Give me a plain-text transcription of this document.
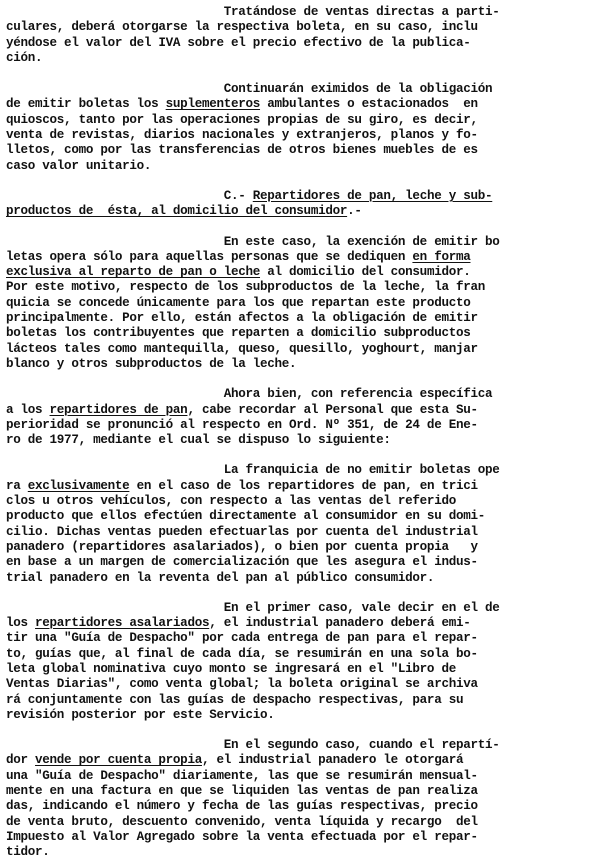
Tratándose de ventas directas a parti-
culares, deberá otorgarse la respectiva boleta, en su caso, inclu
yéndose el valor del IVA sobre el precio efectivo de la publica-
ción.
Continuarán eximidos de la obligación
de emitir boletas los suplementeros ambulantes o estacionados  en
quioscos, tanto por las operaciones propias de su giro, es decir,
venta de revistas, diarios nacionales y extranjeros, planos y fo-
lletos, como por las transferencias de otros bienes muebles de es
caso valor unitario.
C.- Repartidores de pan, leche y sub-
productos de  ésta, al domicilio del consumidor.-
En este caso, la exención de emitir bo
letas opera sólo para aquellas personas que se dediquen en forma
exclusiva al reparto de pan o leche al domicilio del consumidor.
Por este motivo, respecto de los subproductos de la leche, la fran
quicia se concede únicamente para los que repartan este producto
principalmente. Por ello, están afectos a la obligación de emitir
boletas los contribuyentes que reparten a domicilio subproductos
lácteos tales como mantequilla, queso, quesillo, yoghourt, manjar
blanco y otros subproductos de la leche.
Ahora bien, con referencia específica
a los repartidores de pan, cabe recordar al Personal que esta Su-
perioridad se pronunció al respecto en Ord. Nº 351, de 24 de Ene-
ro de 1977, mediante el cual se dispuso lo siguiente:
La franquicia de no emitir boletas ope
ra exclusivamente en el caso de los repartidores de pan, en trici
clos u otros vehículos, con respecto a las ventas del referido
producto que ellos efectúen directamente al consumidor en su domi-
cilio. Dichas ventas pueden efectuarlas por cuenta del industrial
panadero (repartidores asalariados), o bien por cuenta propia   y
en base a un margen de comercialización que les asegura el indus-
trial panadero en la reventa del pan al público consumidor.
En el primer caso, vale decir en el de
los repartidores asalariados, el industrial panadero deberá emi-
tir una "Guía de Despacho" por cada entrega de pan para el repar-
to, guías que, al final de cada día, se resumirán en una sola bo-
leta global nominativa cuyo monto se ingresará en el "Libro de
Ventas Diarias", como venta global; la boleta original se archiva
rá conjuntamente con las guías de despacho respectivas, para su
revisión posterior por este Servicio.
En el segundo caso, cuando el repartí-
dor vende por cuenta propia, el industrial panadero le otorgará
una "Guía de Despacho" diariamente, las que se resumirán mensual-
mente en una factura en que se liquiden las ventas de pan realiza
das, indicando el número y fecha de las guías respectivas, precio
de venta bruto, descuento convenido, venta líquida y recargo  del
Impuesto al Valor Agregado sobre la venta efectuada por el repar-
tidor.
